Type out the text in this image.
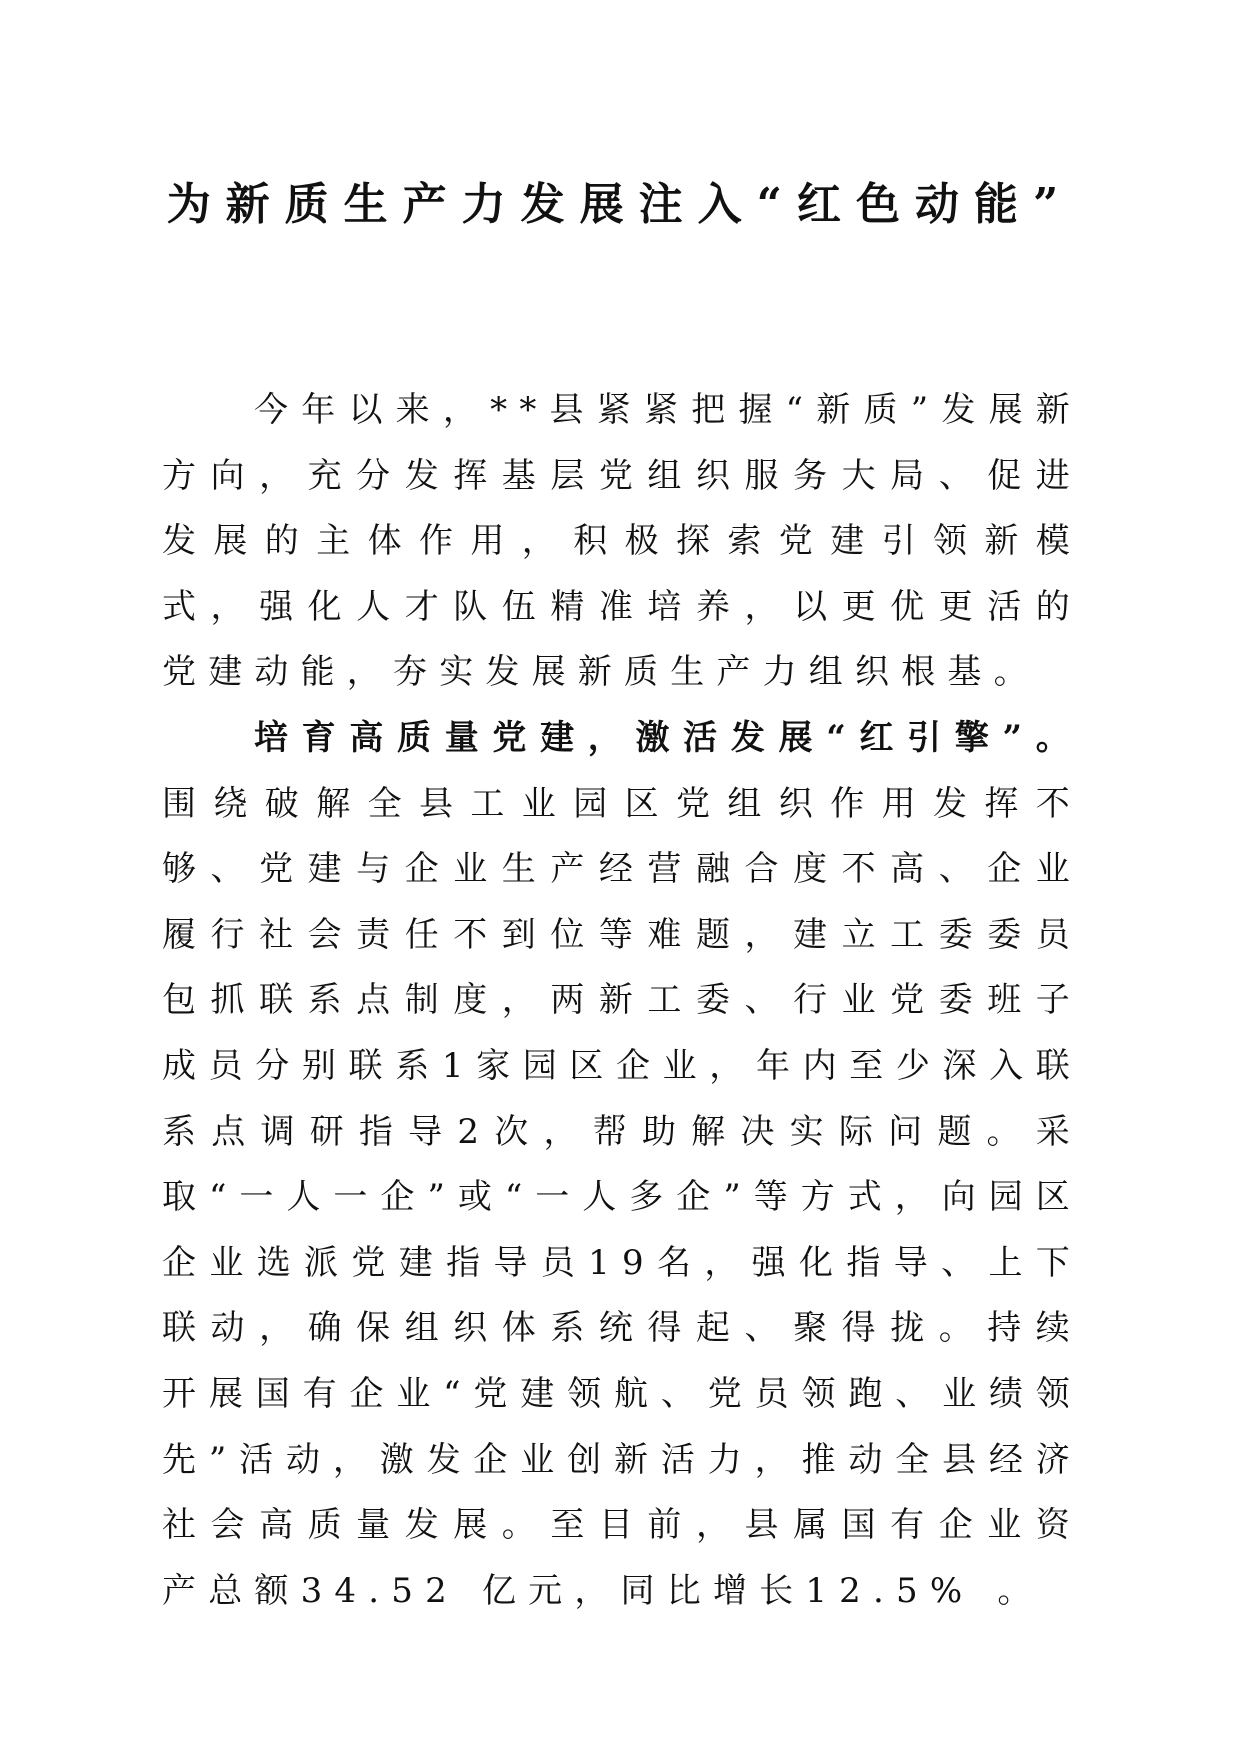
为新质生产力发展注入“红色动能”

今年以来，**县紧紧把握“新质”发展新方向，充分发挥基层党组织服务大局、促进发展的主体作用，积极探索党建引领新模式，强化人才队伍精准培养，以更优更活的党建动能，夯实发展新质生产力组织根基。

培育高质量党建，激活发展“红引擎”。围绕破解全县工业园区党组织作用发挥不够、党建与企业生产经营融合度不高、企业履行社会责任不到位等难题，建立工委委员包抓联系点制度，两新工委、行业党委班子成员分别联系1家园区企业，年内至少深入联系点调研指导2次，帮助解决实际问题。采取“一人一企”或“一人多企”等方式，向园区企业选派党建指导员19名，强化指导、上下联动，确保组织体系统得起、聚得拢。持续开展国有企业“党建领航、党员领跑、业绩领先”活动，激发企业创新活力，推动全县经济社会高质量发展。至目前，县属国有企业资产总额34.52 亿元，同比增长12.5% 。
